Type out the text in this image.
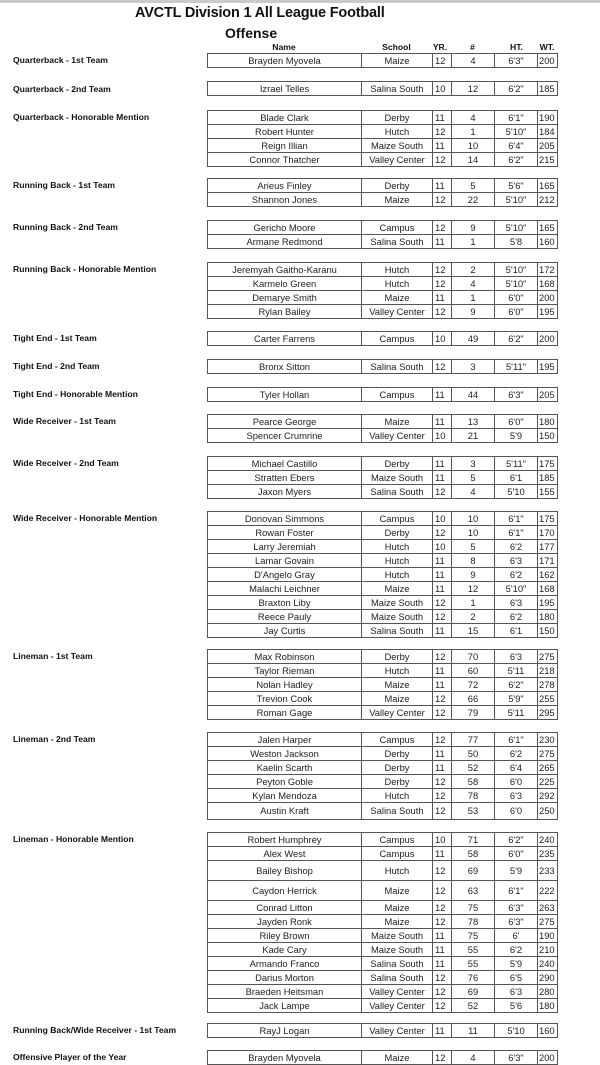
AVCTL Division 1 All League Football
Offense
Name	School	YR.	#	HT.	WT.
Quarterback - 1st Team	Brayden Myovela	Maize	12	4	6'3"	200
Quarterback - 2nd Team	Izrael Telles	Salina South	10	12	6'2"	185
Quarterback - Honorable Mention	Blade Clark	Derby	11	4	6'1"	190
Robert Hunter	Hutch	12	1	5'10"	184
Reign Illian	Maize South	11	10	6'4"	205
Connor Thatcher	Valley Center	12	14	6'2"	215
Running Back - 1st Team	Arieus Finley	Derby	11	5	5'6"	165
Shannon Jones	Maize	12	22	5'10"	212
Running Back - 2nd Team	Gericho Moore	Campus	12	9	5'10"	165
Armane Redmond	Salina South	11	1	5'8	160
Running Back - Honorable Mention	Jeremyah Gaitho-Karanu	Hutch	12	2	5'10"	172
Karmelo Green	Hutch	12	4	5'10"	168
Demarye Smith	Maize	11	1	6'0"	200
Rylan Bailey	Valley Center	12	9	6'0"	195
Tight End - 1st Team	Carter Farrens	Campus	10	49	6'2"	200
Tight End - 2nd Team	Bronx Sitton	Salina South	12	3	5'11"	195
Tight End - Honorable Mention	Tyler Hollan	Campus	11	44	6'3"	205
Wide Receiver - 1st Team	Pearce George	Maize	11	13	6'0"	180
Spencer Crumrine	Valley Center	10	21	5'9	150
Wide Receiver - 2nd Team	Michael Castillo	Derby	11	3	5'11"	175
Stratten Ebers	Maize South	11	5	6'1	185
Jaxon Myers	Salina South	12	4	5'10	155
Wide Receiver - Honorable Mention	Donovan Simmons	Campus	10	10	6'1"	175
Rowan Foster	Derby	12	10	6'1"	170
Larry Jeremiah	Hutch	10	5	6'2	177
Lamar Govain	Hutch	11	8	6'3	171
D'Angelo Gray	Hutch	11	9	6'2	162
Malachi Leichner	Maize	11	12	5'10"	168
Braxton Liby	Maize South	12	1	6'3	195
Reece Pauly	Maize South	12	2	6'2	180
Jay Curtis	Salina South	11	15	6'1	150
Lineman - 1st Team	Max Robinson	Derby	12	70	6'3	275
Taylor Rieman	Hutch	11	60	5'11	218
Nolan Hadley	Maize	11	72	6'2"	278
Trevion Cook	Maize	12	66	5'9"	255
Roman Gage	Valley Center	12	79	5'11	295
Lineman - 2nd Team	Jalen Harper	Campus	12	77	6'1"	230
Weston Jackson	Derby	11	50	6'2	275
Kaelin Scarth	Derby	11	52	6'4	265
Peyton Goble	Derby	12	58	6'0	225
Kylan Mendoza	Hutch	12	78	6'3	292
Austin Kraft	Salina South	12	53	6'0	250
Lineman - Honorable Mention	Robert Humphrey	Campus	10	71	6'2"	240
Alex West	Campus	11	58	6'0"	235
Bailey Bishop	Hutch	12	69	5'9	233
Caydon Herrick	Maize	12	63	6'1"	222
Conrad Litton	Maize	12	75	6'3"	263
Jayden Ronk	Maize	12	78	6'3"	275
Riley Brown	Maize South	11	75	6'	190
Kade Cary	Maize South	11	55	6'2	210
Armando Franco	Salina South	11	55	5'9	240
Darius Morton	Salina South	12	76	6'5	290
Braeden Heitsman	Valley Center	12	69	6'3	280
Jack Lampe	Valley Center	12	52	5'6	180
Running Back/Wide Receiver - 1st Team	RayJ Logan	Valley Center	11	11	5'10	160
Offensive Player of the Year	Brayden Myovela	Maize	12	4	6'3"	200
